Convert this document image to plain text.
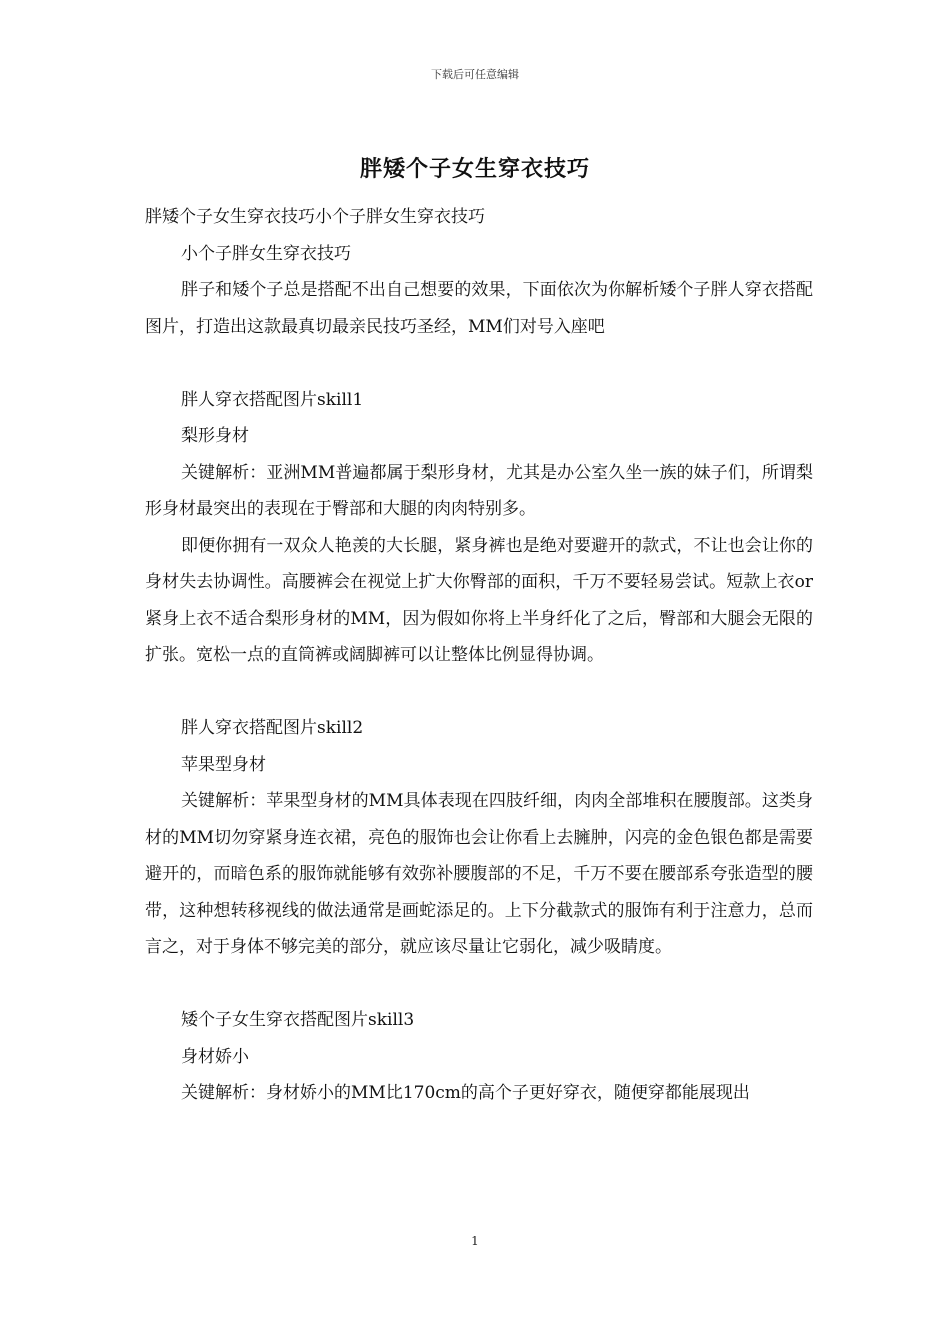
下载后可任意编辑
胖矮个子女生穿衣技巧

胖矮个子女生穿衣技巧小个子胖女生穿衣技巧

小个子胖女生穿衣技巧

胖子和矮个子总是搭配不出自己想要的效果，下面依次为你解析矮个子胖人穿衣搭配图片，打造出这款最真切最亲民技巧圣经，MM们对号入座吧

胖人穿衣搭配图片skill1

梨形身材

关键解析：亚洲MM普遍都属于梨形身材，尤其是办公室久坐一族的妹子们，所谓梨形身材最突出的表现在于臀部和大腿的肉肉特别多。

即便你拥有一双众人艳羡的大长腿，紧身裤也是绝对要避开的款式，不让也会让你的身材失去协调性。高腰裤会在视觉上扩大你臀部的面积，千万不要轻易尝试。短款上衣or紧身上衣不适合梨形身材的MM，因为假如你将上半身纤化了之后，臀部和大腿会无限的扩张。宽松一点的直筒裤或阔脚裤可以让整体比例显得协调。

胖人穿衣搭配图片skill2

苹果型身材

关键解析：苹果型身材的MM具体表现在四肢纤细，肉肉全部堆积在腰腹部。这类身材的MM切勿穿紧身连衣裙，亮色的服饰也会让你看上去臃肿，闪亮的金色银色都是需要避开的，而暗色系的服饰就能够有效弥补腰腹部的不足，千万不要在腰部系夸张造型的腰带，这种想转移视线的做法通常是画蛇添足的。上下分截款式的服饰有利于注意力，总而言之，对于身体不够完美的部分，就应该尽量让它弱化，减少吸睛度。

矮个子女生穿衣搭配图片skill3

身材娇小

关键解析：身材娇小的MM比170cm的高个子更好穿衣，随便穿都能展现出

1
